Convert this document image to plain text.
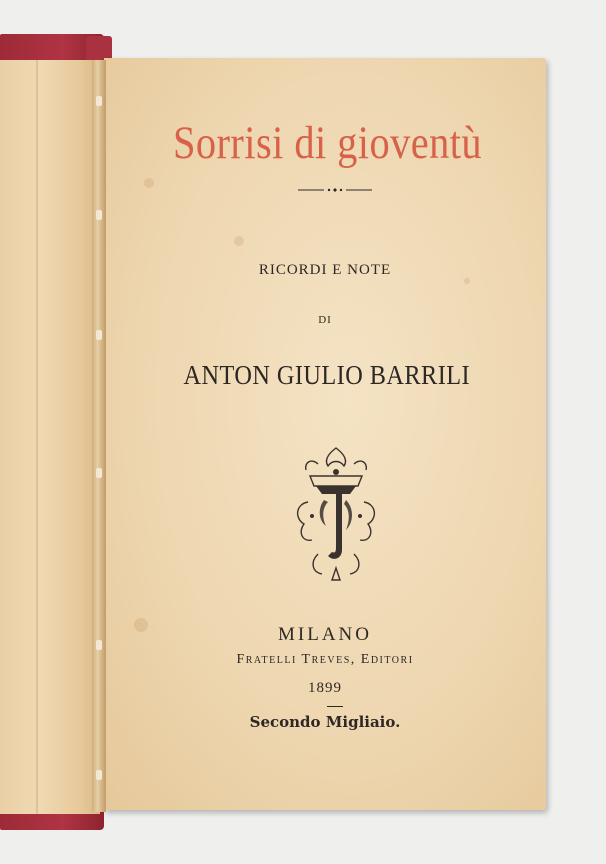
Sorrisi di gioventù

RICORDI E NOTE

DI

ANTON GIULIO BARRILI

MILANO

Fratelli Treves, Editori

1899

Secondo Migliaio.
